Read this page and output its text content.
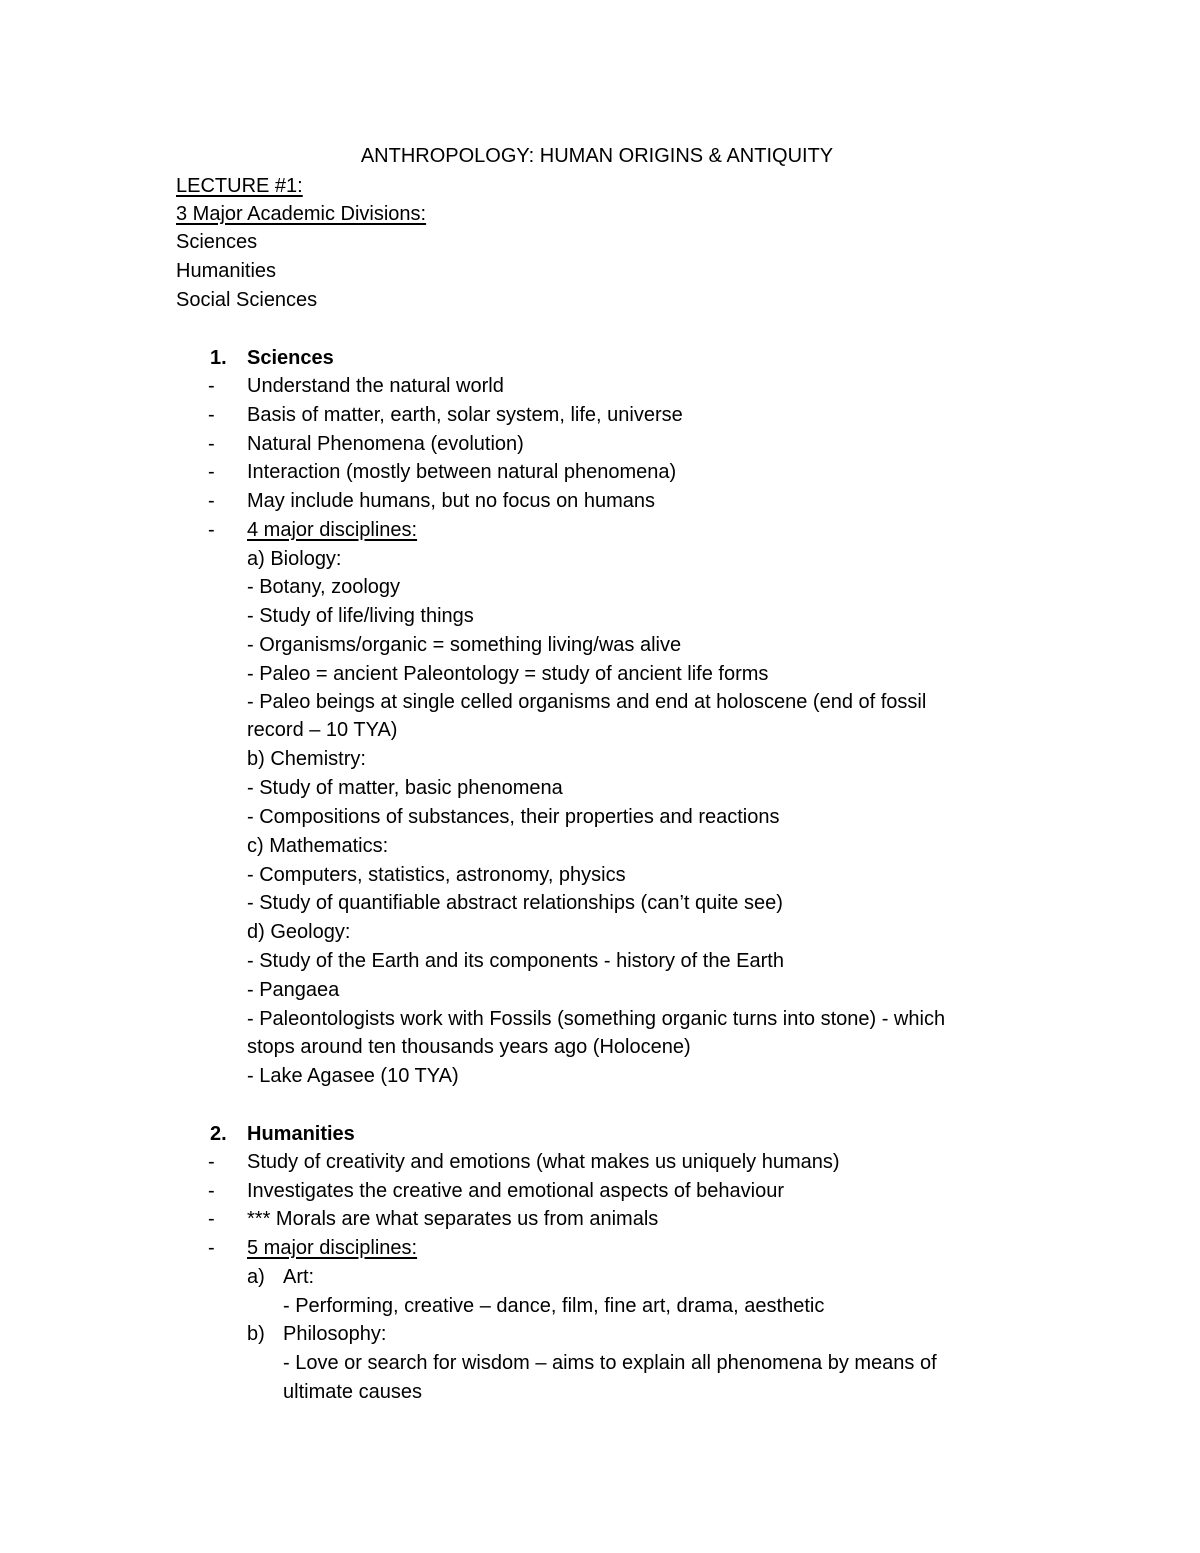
ANTHROPOLOGY: HUMAN ORIGINS & ANTIQUITY
LECTURE #1:
3 Major Academic Divisions:
Sciences
Humanities
Social Sciences
1. Sciences
- Understand the natural world
- Basis of matter, earth, solar system, life, universe
- Natural Phenomena (evolution)
- Interaction (mostly between natural phenomena)
- May include humans, but no focus on humans
- 4 major disciplines:
a) Biology:
- Botany, zoology
- Study of life/living things
- Organisms/organic = something living/was alive
- Paleo = ancient Paleontology = study of ancient life forms
- Paleo beings at single celled organisms and end at holoscene (end of fossil
record – 10 TYA)
b) Chemistry:
- Study of matter, basic phenomena
- Compositions of substances, their properties and reactions
c) Mathematics:
- Computers, statistics, astronomy, physics
- Study of quantifiable abstract relationships (can’t quite see)
d) Geology:
- Study of the Earth and its components - history of the Earth
- Pangaea
- Paleontologists work with Fossils (something organic turns into stone) - which
stops around ten thousands years ago (Holocene)
- Lake Agasee (10 TYA)
2. Humanities
- Study of creativity and emotions (what makes us uniquely humans)
- Investigates the creative and emotional aspects of behaviour
- *** Morals are what separates us from animals
- 5 major disciplines:
a) Art:
- Performing, creative – dance, film, fine art, drama, aesthetic
b) Philosophy:
- Love or search for wisdom – aims to explain all phenomena by means of
ultimate causes
